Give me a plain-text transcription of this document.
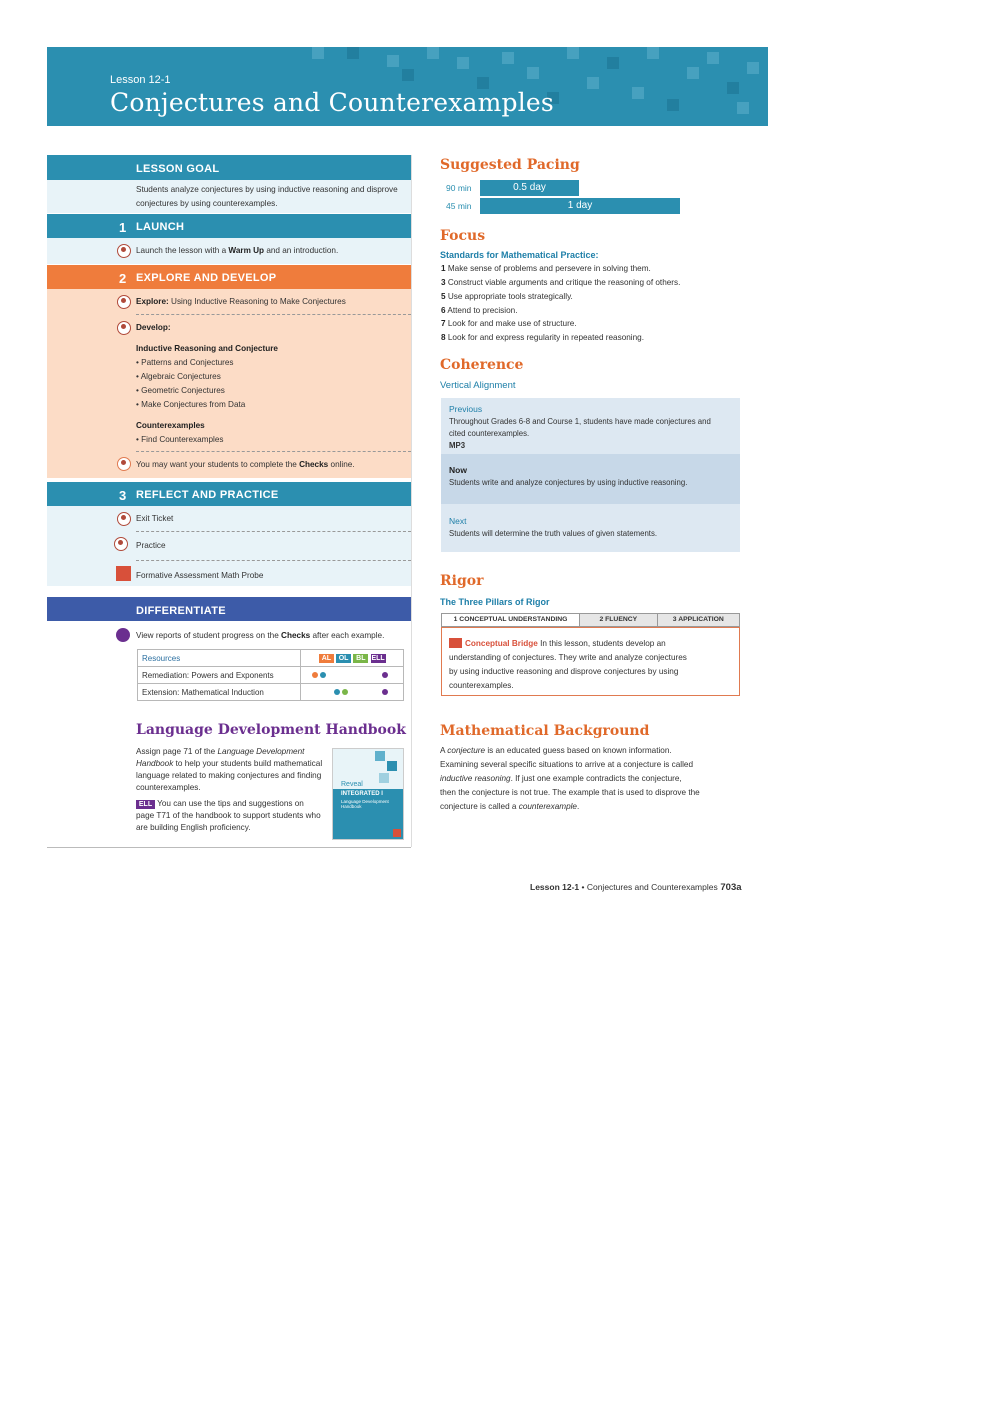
Lesson 12-1
Conjectures and Counterexamples
LESSON GOAL
Students analyze conjectures by using inductive reasoning and disprove
conjectures by using counterexamples.
1 LAUNCH
Launch the lesson with a Warm Up and an introduction.
2 EXPLORE AND DEVELOP
Explore: Using Inductive Reasoning to Make Conjectures
Develop:
Inductive Reasoning and Conjecture
• Patterns and Conjectures
• Algebraic Conjectures
• Geometric Conjectures
• Make Conjectures from Data
Counterexamples
• Find Counterexamples
You may want your students to complete the Checks online.
3 REFLECT AND PRACTICE
Exit Ticket
Practice
Formative Assessment Math Probe
DIFFERENTIATE
View reports of student progress on the Checks after each example.
Resources	AL OL BL ELL
Remediation: Powers and Exponents	
Extension: Mathematical Induction	
Language Development Handbook
Assign page 71 of the Language Development
Handbook to help your students build mathematical
language related to making conjectures and finding
counterexamples.
ELL You can use the tips and suggestions on
page T71 of the handbook to support students who
are building English proficiency.
Reveal
INTEGRATED I
Language Development Handbook
Suggested Pacing
90 min	0.5 day
45 min	1 day
Focus
Standards for Mathematical Practice:
1 Make sense of problems and persevere in solving them.
3 Construct viable arguments and critique the reasoning of others.
5 Use appropriate tools strategically.
6 Attend to precision.
7 Look for and make use of structure.
8 Look for and express regularity in repeated reasoning.
Coherence
Vertical Alignment
Previous
Throughout Grades 6-8 and Course 1, students have made conjectures and
cited counterexamples.
MP3
Now
Students write and analyze conjectures by using inductive reasoning.
Next
Students will determine the truth values of given statements.
Rigor
The Three Pillars of Rigor
1 CONCEPTUAL UNDERSTANDING	2 FLUENCY	3 APPLICATION
Conceptual Bridge In this lesson, students develop an
understanding of conjectures. They write and analyze conjectures
by using inductive reasoning and disprove conjectures by using
counterexamples.
Mathematical Background
A conjecture is an educated guess based on known information.
Examining several specific situations to arrive at a conjecture is called
inductive reasoning. If just one example contradicts the conjecture,
then the conjecture is not true. The example that is used to disprove the
conjecture is called a counterexample.
Lesson 12-1 • Conjectures and Counterexamples 703a
